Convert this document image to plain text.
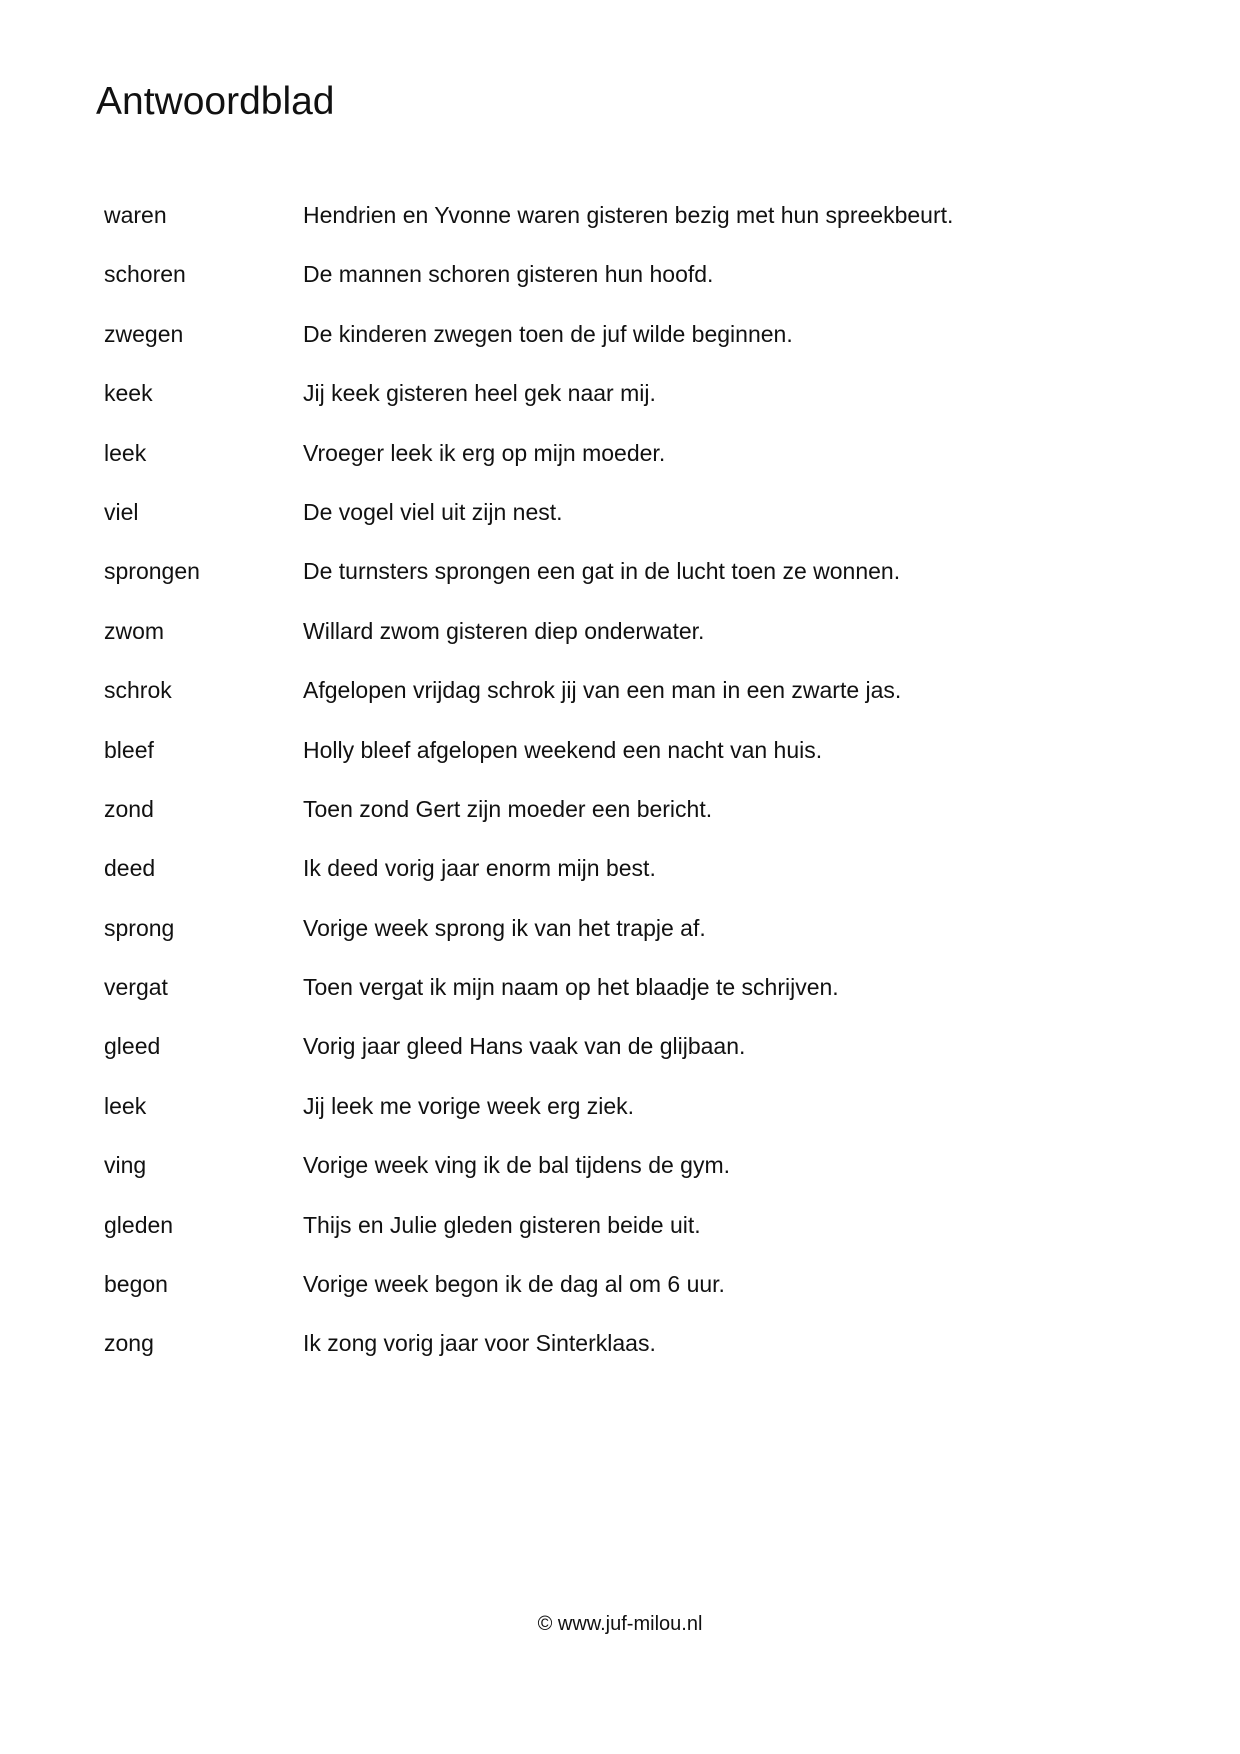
Antwoordblad
waren	Hendrien en Yvonne waren gisteren bezig met hun spreekbeurt.
schoren	De mannen schoren gisteren hun hoofd.
zwegen	De kinderen zwegen toen de juf wilde beginnen.
keek	Jij keek gisteren heel gek naar mij.
leek	Vroeger leek ik erg op mijn moeder.
viel	De vogel viel uit zijn nest.
sprongen	De turnsters sprongen een gat in de lucht toen ze wonnen.
zwom	Willard zwom gisteren diep onderwater.
schrok	Afgelopen vrijdag schrok jij van een man in een zwarte jas.
bleef	Holly bleef afgelopen weekend een nacht van huis.
zond	Toen zond Gert zijn moeder een bericht.
deed	Ik deed vorig jaar enorm mijn best.
sprong	Vorige week sprong ik van het trapje af.
vergat	Toen vergat ik mijn naam op het blaadje te schrijven.
gleed	Vorig jaar gleed Hans vaak van de glijbaan.
leek	Jij leek me vorige week erg ziek.
ving	Vorige week ving ik de bal tijdens de gym.
gleden	Thijs en Julie gleden gisteren beide uit.
begon	Vorige week begon ik de dag al om 6 uur.
zong	Ik zong vorig jaar voor Sinterklaas.
© www.juf-milou.nl
